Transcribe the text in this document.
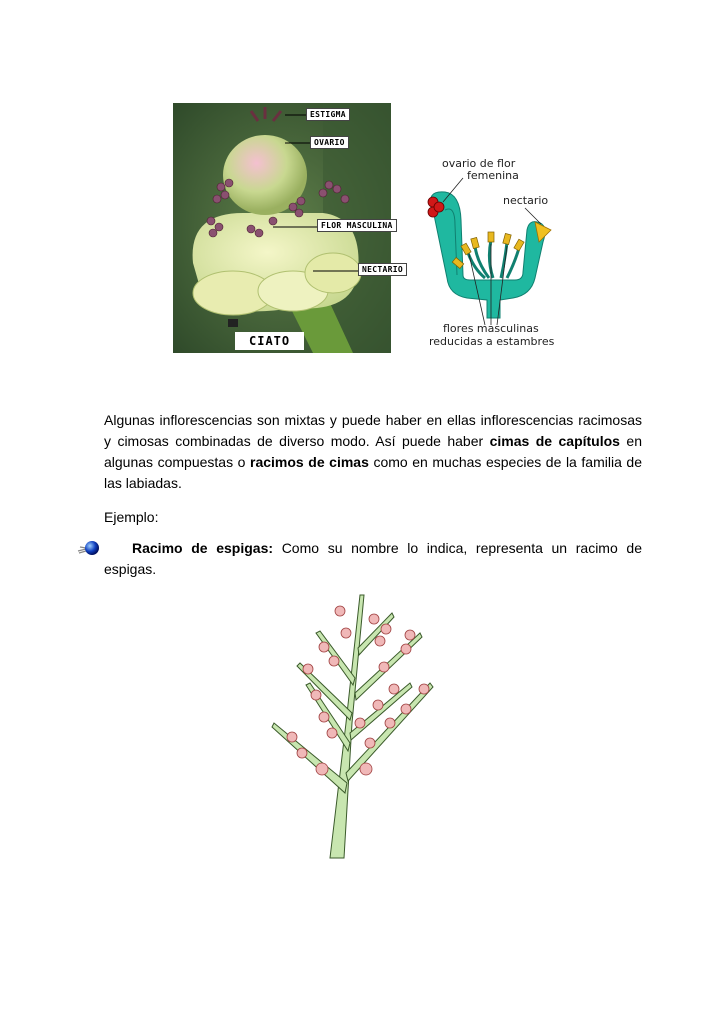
ESTIGMA
OVARIO
FLOR MASCULINA
NECTARIO
CIATO
ovario de flor
femenina
nectario
flores masculinas
reducidas a estambres

Algunas inflorescencias son mixtas y puede haber en ellas inflorescencias racimosas y cimosas combinadas de diverso modo. Así puede haber cimas de capítulos en algunas compuestas o racimos de cimas como en muchas especies de la familia de las labiadas.

Ejemplo:

Racimo de espigas: Como su nombre lo indica, representa un racimo de espigas.
